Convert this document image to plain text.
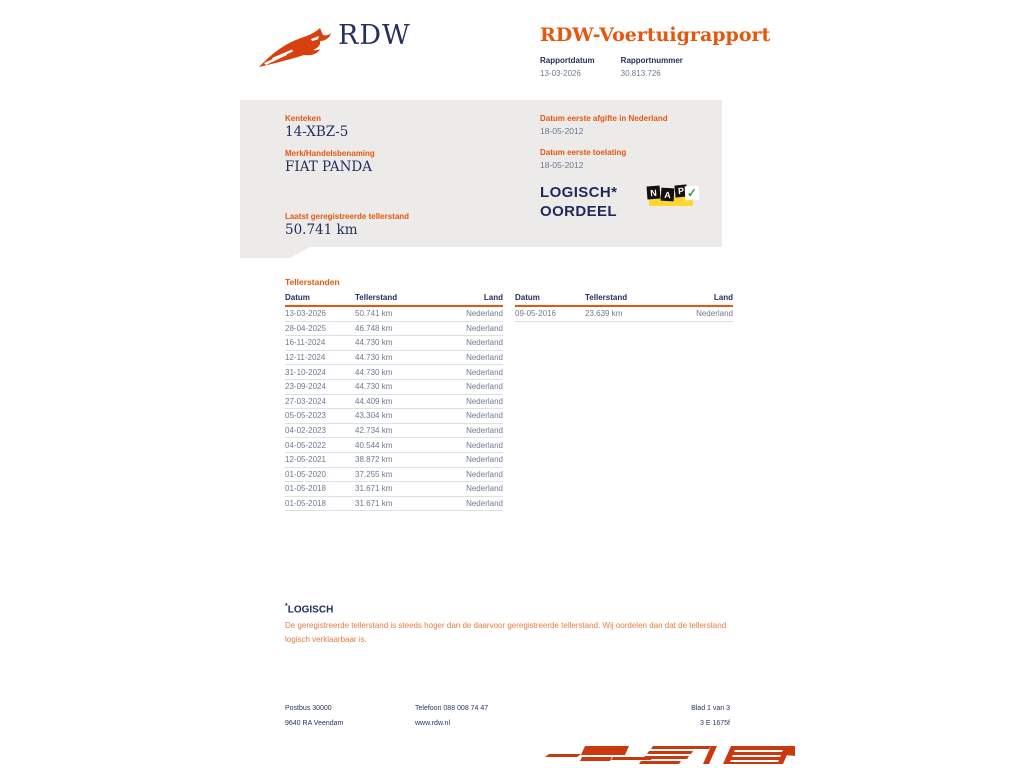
RDW	RDW-Voertuigrapport
Rapportdatum
13-03-2026
Rapportnummer
30.813.726
Kenteken
14-XBZ-5
Merk/Handelsbenaming
FIAT PANDA
Laatst geregistreerde tellerstand
50.741 km
Datum eerste afgifte in Nederland
18-05-2012
Datum eerste toelating
18-05-2012
LOGISCH*
OORDEEL
N A P ✓
Tellerstanden
Datum	Tellerstand	Land
13-03-2026	50.741 km	Nederland
28-04-2025	46.748 km	Nederland
16-11-2024	44.730 km	Nederland
12-11-2024	44.730 km	Nederland
31-10-2024	44.730 km	Nederland
23-09-2024	44.730 km	Nederland
27-03-2024	44.409 km	Nederland
05-05-2023	43.304 km	Nederland
04-02-2023	42.734 km	Nederland
04-05-2022	40.544 km	Nederland
12-05-2021	38.872 km	Nederland
01-05-2020	37.255 km	Nederland
01-05-2018	31.671 km	Nederland
01-05-2018	31.671 km	Nederland
Datum	Tellerstand	Land
09-05-2016	23.639 km	Nederland
*LOGISCH
De geregistreerde tellerstand is steeds hoger dan de daarvoor geregistreerde tellerstand. Wij oordelen dan dat de tellerstand logisch verklaarbaar is.
Postbus 30000
9640 RA Veendam
Telefoon 088 008 74 47
www.rdw.nl
Blad 1 van 3
3 E 1675f
